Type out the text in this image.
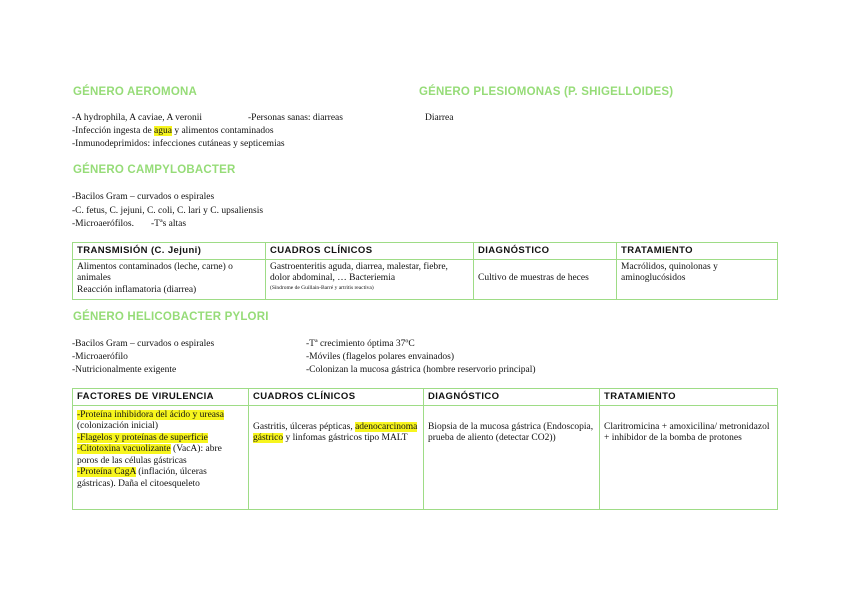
GÉNERO AEROMONA
-A hydrophila, A caviae, A veronii	-Personas sanas: diarreas
-Infección ingesta de agua y alimentos contaminados
-Inmunodeprimidos: infecciones cutáneas y septicemias
GÉNERO PLESIOMONAS (P. SHIGELLOIDES)
Diarrea
GÉNERO CAMPYLOBACTER
-Bacilos Gram – curvados o espirales
-C. fetus, C. jejuni, C. coli, C. lari y C. upsaliensis
-Microaerófilos. -Tªs altas
TRANSMISIÓN (C. Jejuni)	CUADROS CLÍNICOS	DIAGNÓSTICO	TRATAMIENTO

Alimentos contaminados (leche, carne) o animales
Reacción inflamatoria (diarrea)	Gastroenteritis aguda, diarrea, malestar, fiebre, dolor abdominal, … Bacteriemia
(Síndrome de Guillain-Barré y artritis reactiva)	Cultivo de muestras de heces	Macrólidos, quinolonas y aminoglucósidos
GÉNERO HELICOBACTER PYLORI
-Bacilos Gram – curvados o espirales
-Microaerófilo
-Nutricionalmente exigente
-Tª crecimiento óptima 37ºC
-Móviles (flagelos polares envainados)
-Colonizan la mucosa gástrica (hombre reservorio principal)
FACTORES DE VIRULENCIA	CUADROS CLÍNICOS	DIAGNÓSTICO	TRATAMIENTO

-Proteína inhibidora del ácido y ureasa (colonización inicial)
-Flagelos y proteínas de superficie
-Citotoxina vacuolizante (VacA): abre poros de las células gástricas
-Proteína CagA (inflación, úlceras gástricas). Daña el citoesqueleto	Gastritis, úlceras pépticas, adenocarcinoma gástrico y linfomas gástricos tipo MALT	Biopsia de la mucosa gástrica (Endoscopia, prueba de aliento (detectar CO2))	Claritromicina + amoxicilina/ metronidazol + inhibidor de la bomba de protones
